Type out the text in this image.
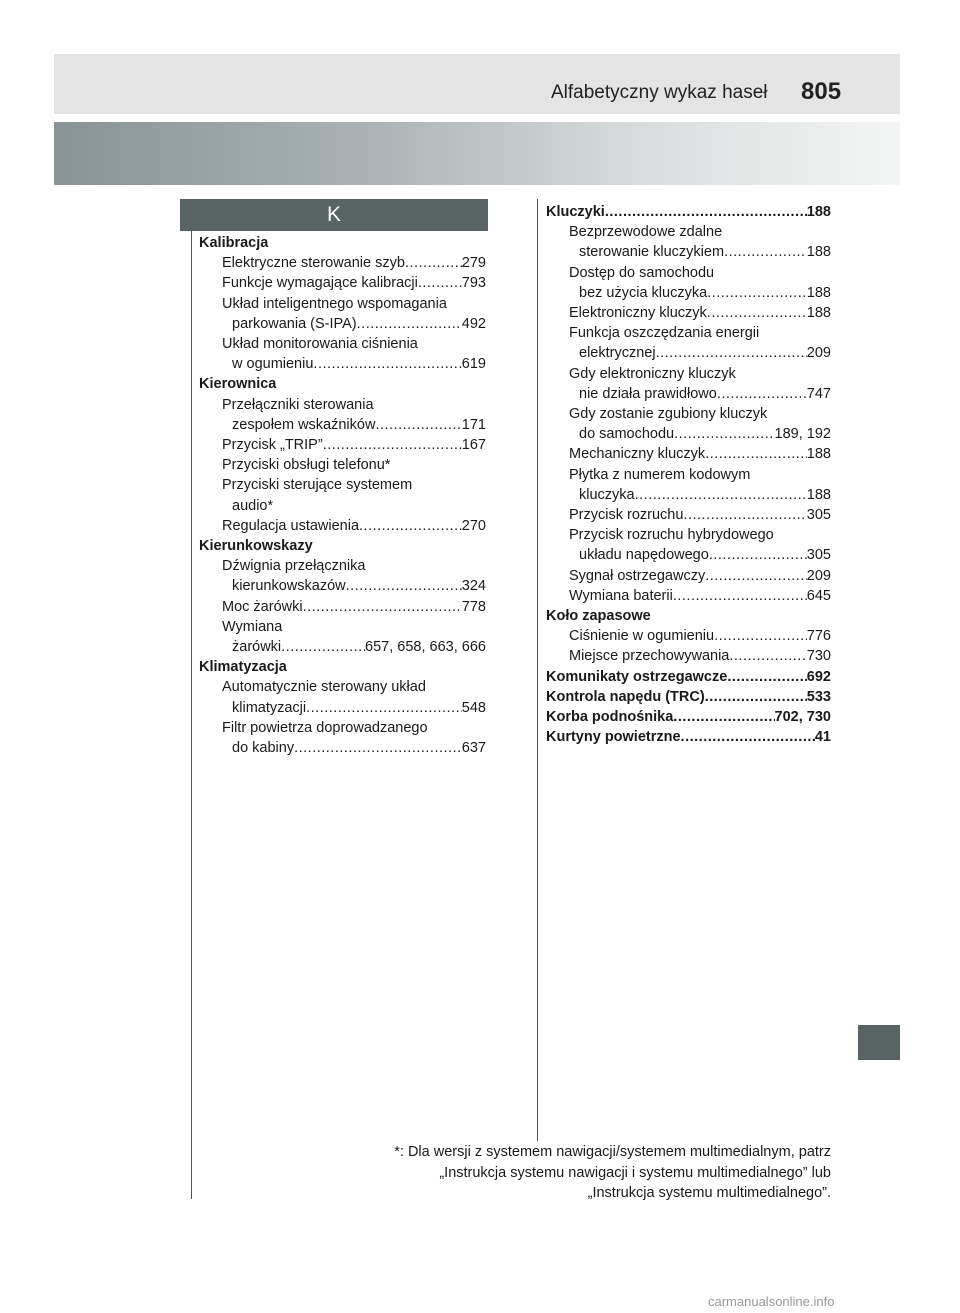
Alfabetyczny wykaz haseł 805
K
Kalibracja
Elektryczne sterowanie szyb .....	279
Funkcje wymagające kalibracji .....	793
Układ inteligentnego wspomagania
parkowania (S-IPA) .....	492
Układ monitorowania ciśnienia
w ogumieniu .....	619
Kierownica
Przełączniki sterowania
zespołem wskaźników .....	171
Przycisk „TRIP” .....	167
Przyciski obsługi telefonu*
Przyciski sterujące systemem
audio*
Regulacja ustawienia .....	270
Kierunkowskazy
Dźwignia przełącznika
kierunkowskazów .....	324
Moc żarówki .....	778
Wymiana
żarówki .....	657, 658, 663, 666
Klimatyzacja
Automatycznie sterowany układ
klimatyzacji .....	548
Filtr powietrza doprowadzanego
do kabiny .....	637
Kluczyki .....	188
Bezprzewodowe zdalne
sterowanie kluczykiem .....	188
Dostęp do samochodu
bez użycia kluczyka .....	188
Elektroniczny kluczyk .....	188
Funkcja oszczędzania energii
elektrycznej .....	209
Gdy elektroniczny kluczyk
nie działa prawidłowo .....	747
Gdy zostanie zgubiony kluczyk
do samochodu .....	189, 192
Mechaniczny kluczyk .....	188
Płytka z numerem kodowym
kluczyka .....	188
Przycisk rozruchu .....	305
Przycisk rozruchu hybrydowego
układu napędowego .....	305
Sygnał ostrzegawczy .....	209
Wymiana baterii .....	645
Koło zapasowe
Ciśnienie w ogumieniu .....	776
Miejsce przechowywania .....	730
Komunikaty ostrzegawcze .....	692
Kontrola napędu (TRC) .....	533
Korba podnośnika .....	702, 730
Kurtyny powietrzne .....	41
*: Dla wersji z systemem nawigacji/systemem multimedialnym, patrz
„Instrukcja systemu nawigacji i systemu multimedialnego” lub
„Instrukcja systemu multimedialnego”.
carmanualsonline.info
